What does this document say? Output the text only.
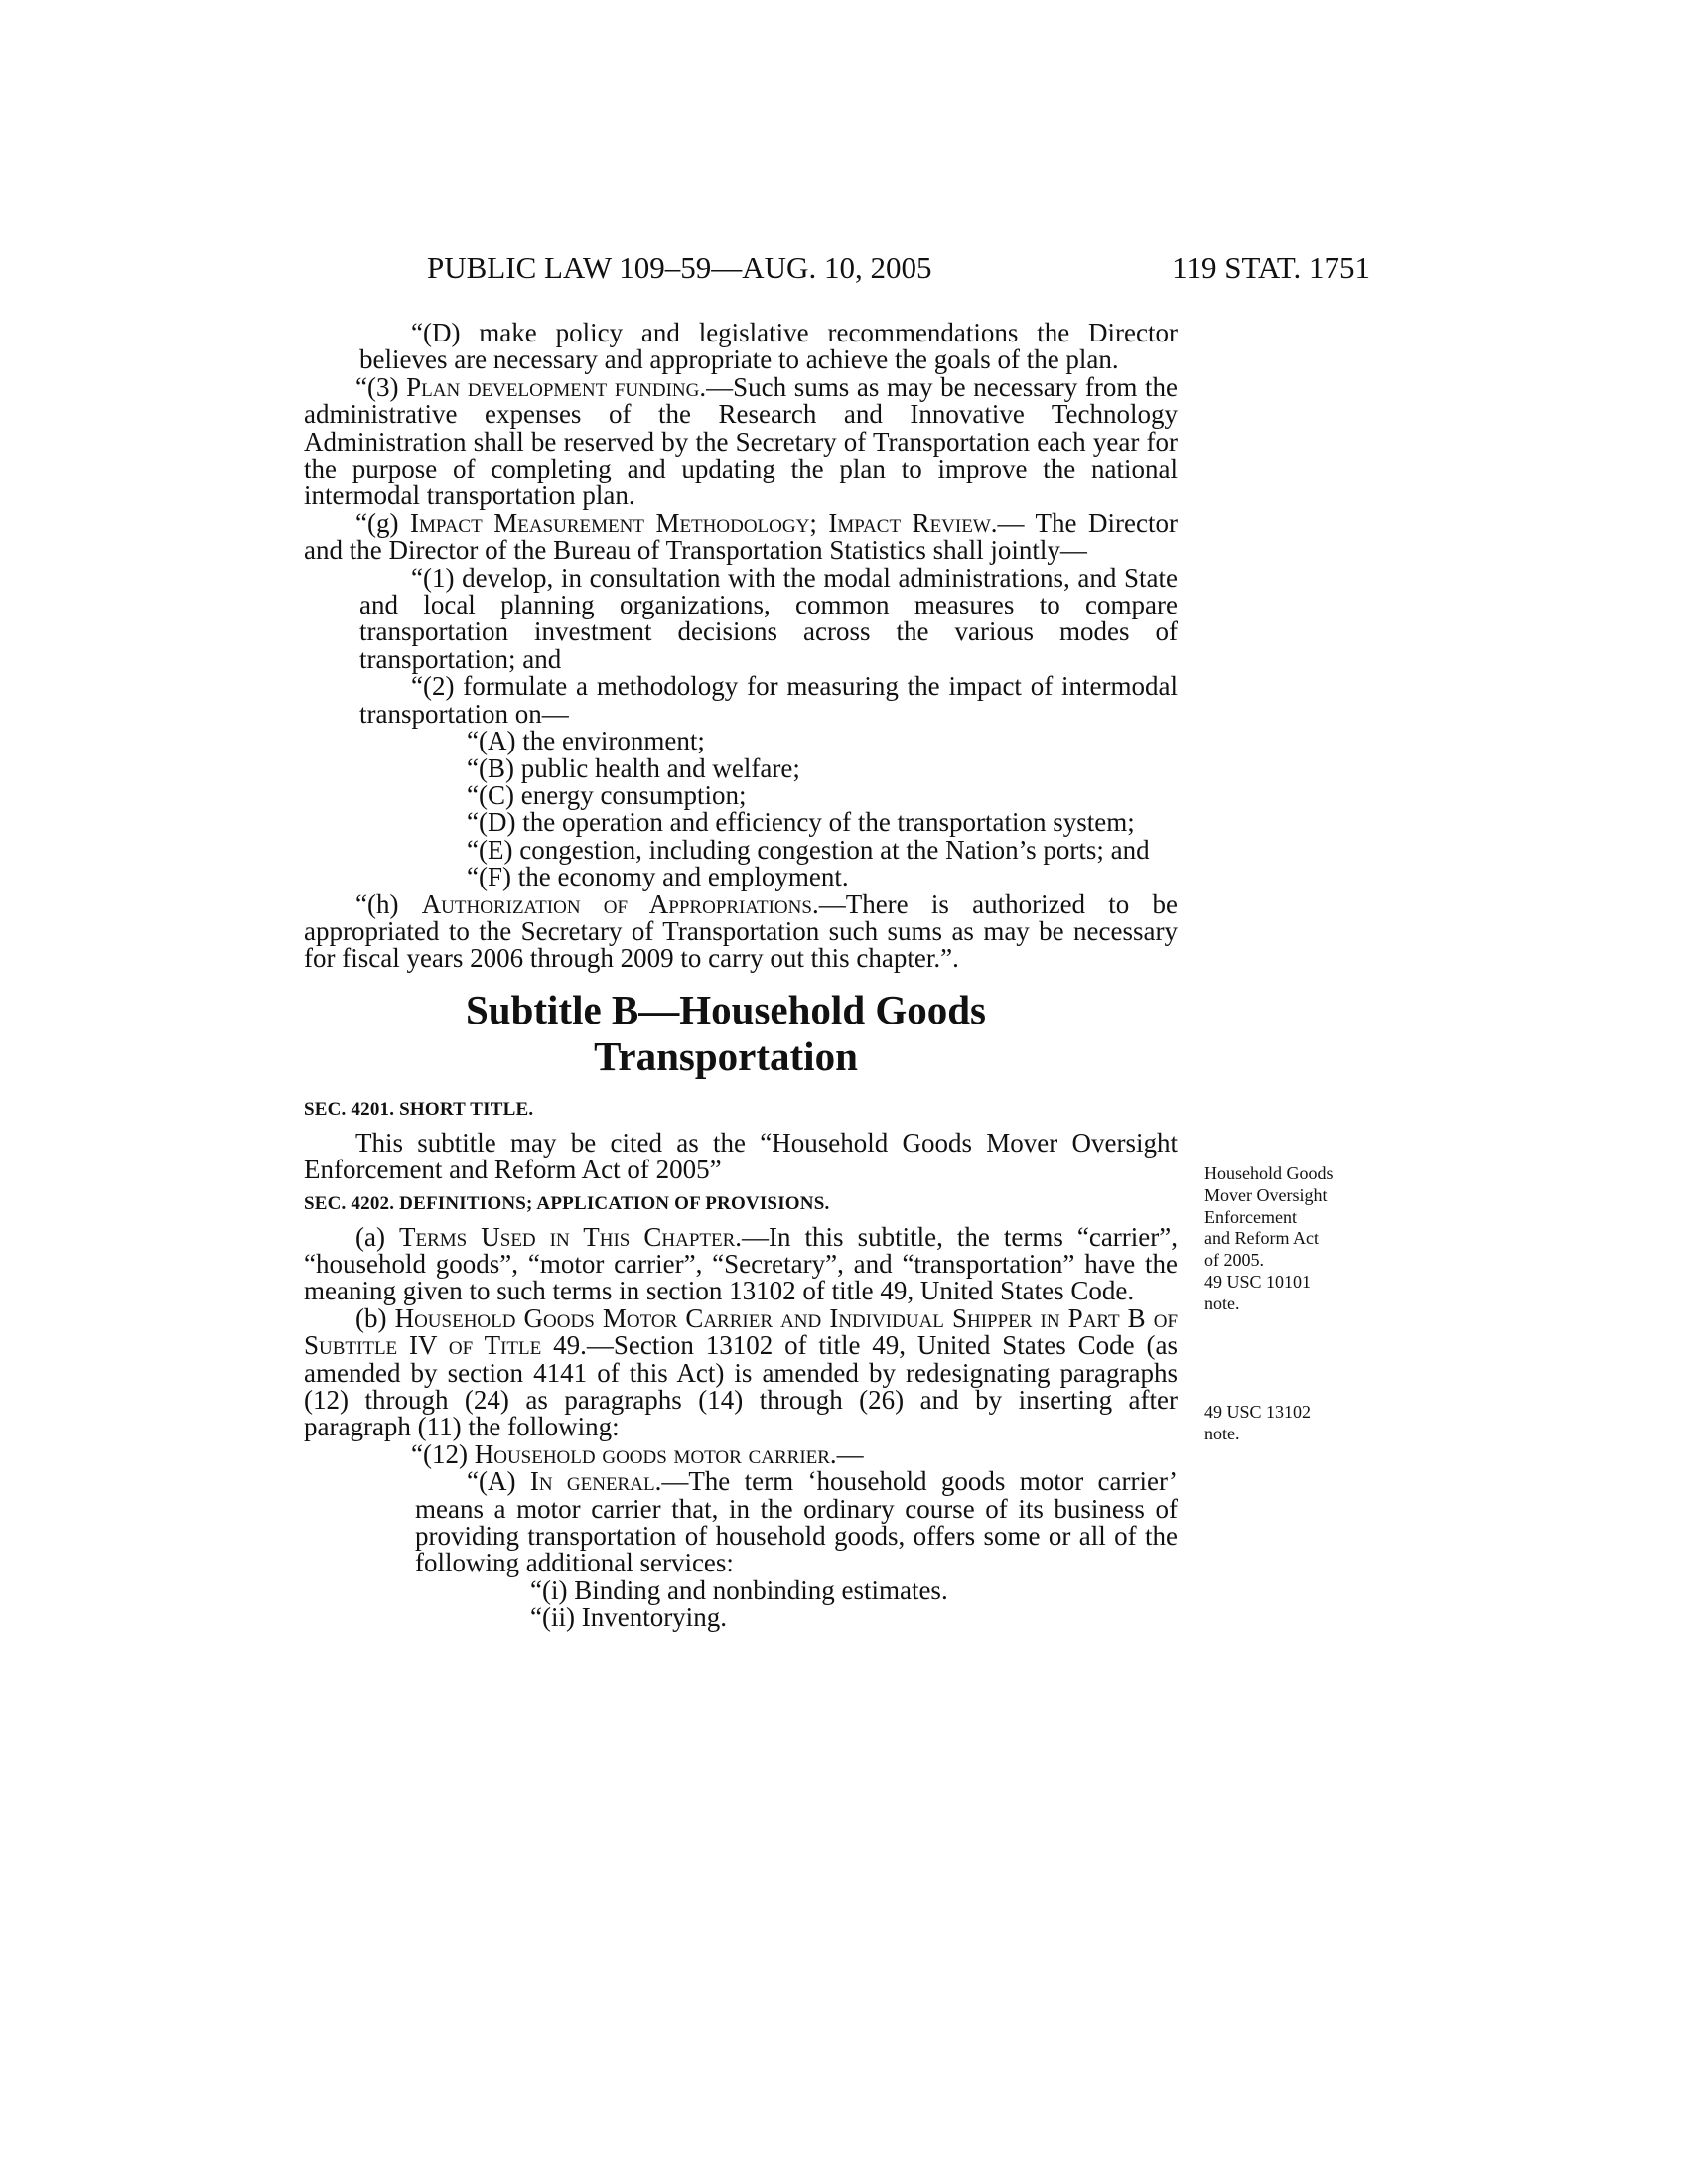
PUBLIC LAW 109–59—AUG. 10, 2005	119 STAT. 1751

“(D) make policy and legislative recommendations the Director believes are necessary and appropriate to achieve the goals of the plan.

“(3) Plan development funding.—Such sums as may be necessary from the administrative expenses of the Research and Innovative Technology Administration shall be reserved by the Secretary of Transportation each year for the purpose of completing and updating the plan to improve the national intermodal transportation plan.

“(g) Impact Measurement Methodology; Impact Review.— The Director and the Director of the Bureau of Transportation Statistics shall jointly—

“(1) develop, in consultation with the modal administrations, and State and local planning organizations, common measures to compare transportation investment decisions across the various modes of transportation; and

“(2) formulate a methodology for measuring the impact of intermodal transportation on—

“(A) the environment;

“(B) public health and welfare;

“(C) energy consumption;

“(D) the operation and efficiency of the transportation system;

“(E) congestion, including congestion at the Nation’s ports; and

“(F) the economy and employment.

“(h) Authorization of Appropriations.—There is authorized to be appropriated to the Secretary of Transportation such sums as may be necessary for fiscal years 2006 through 2009 to carry out this chapter.”.

Subtitle B—Household Goods
Transportation

SEC. 4201. SHORT TITLE.

This subtitle may be cited as the “Household Goods Mover Oversight Enforcement and Reform Act of 2005”

SEC. 4202. DEFINITIONS; APPLICATION OF PROVISIONS.

(a) Terms Used in This Chapter.—In this subtitle, the terms “carrier”, “household goods”, “motor carrier”, “Secretary”, and “transportation” have the meaning given to such terms in section 13102 of title 49, United States Code.

(b) Household Goods Motor Carrier and Individual Shipper in Part B of Subtitle IV of Title 49.—Section 13102 of title 49, United States Code (as amended by section 4141 of this Act) is amended by redesignating paragraphs (12) through (24) as paragraphs (14) through (26) and by inserting after paragraph (11) the following:

“(12) Household goods motor carrier.—

“(A) In general.—The term ‘household goods motor carrier’ means a motor carrier that, in the ordinary course of its business of providing transportation of household goods, offers some or all of the following additional services:

“(i) Binding and nonbinding estimates.

“(ii) Inventorying.

Household Goods

Mover Oversight

Enforcement

and Reform Act

of 2005.

49 USC 10101

note.

49 USC 13102

note.
